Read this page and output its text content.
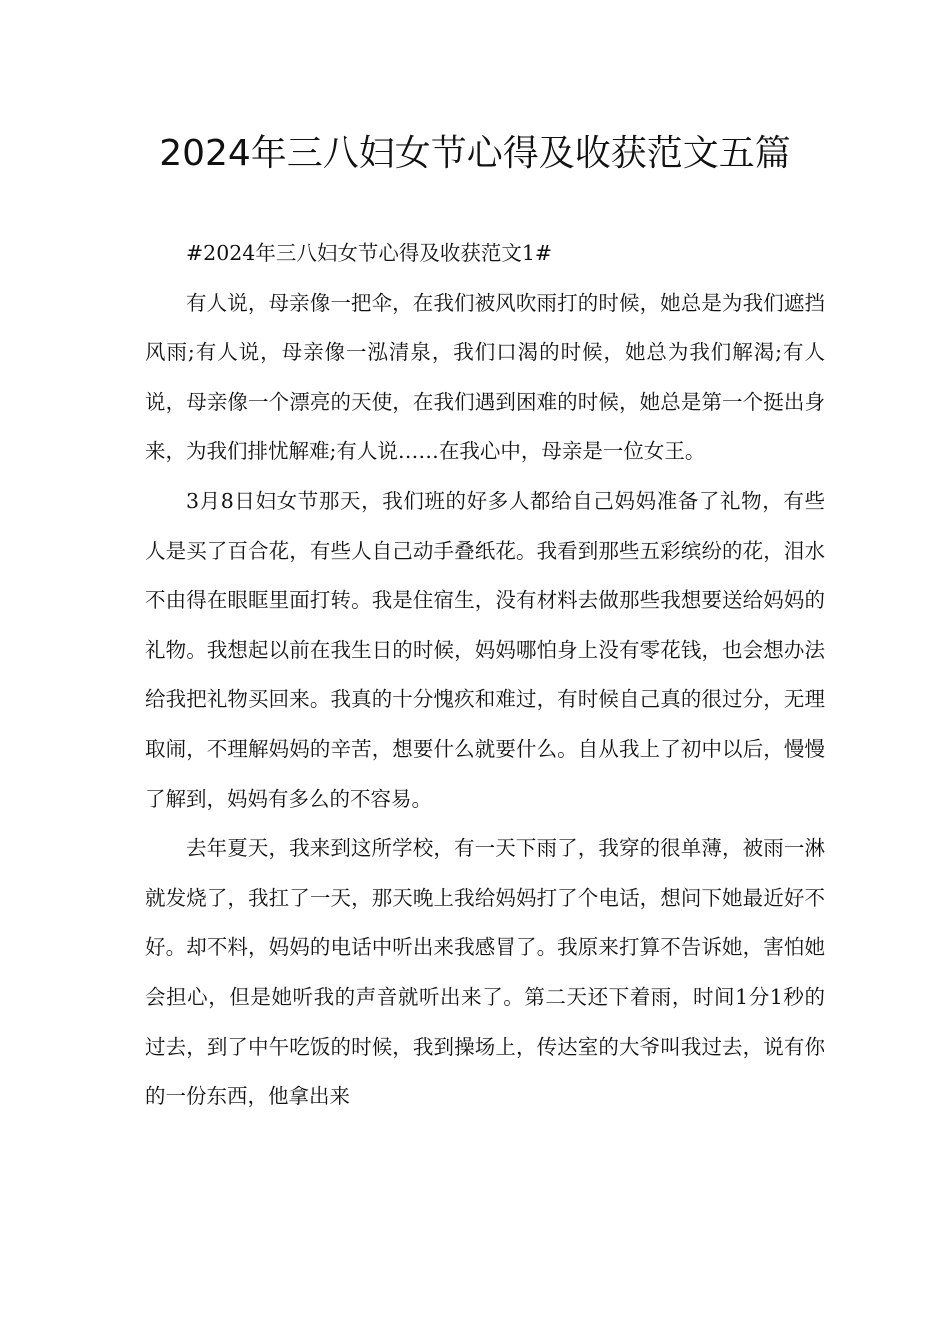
2024年三八妇女节心得及收获范文五篇

#2024年三八妇女节心得及收获范文1#

有人说，母亲像一把伞，在我们被风吹雨打的时候，她总是为我们遮挡风雨;有人说，母亲像一泓清泉，我们口渴的时候，她总为我们解渴;有人说，母亲像一个漂亮的天使，在我们遇到困难的时候，她总是第一个挺出身来，为我们排忧解难;有人说……在我心中，母亲是一位女王。

3月8日妇女节那天，我们班的好多人都给自己妈妈准备了礼物，有些人是买了百合花，有些人自己动手叠纸花。我看到那些五彩缤纷的花，泪水不由得在眼眶里面打转。我是住宿生，没有材料去做那些我想要送给妈妈的礼物。我想起以前在我生日的时候，妈妈哪怕身上没有零花钱，也会想办法给我把礼物买回来。我真的十分愧疚和难过，有时候自己真的很过分，无理取闹，不理解妈妈的辛苦，想要什么就要什么。自从我上了初中以后，慢慢了解到，妈妈有多么的不容易。

去年夏天，我来到这所学校，有一天下雨了，我穿的很单薄，被雨一淋就发烧了，我扛了一天，那天晚上我给妈妈打了个电话，想问下她最近好不好。却不料，妈妈的电话中听出来我感冒了。我原来打算不告诉她，害怕她会担心，但是她听我的声音就听出来了。第二天还下着雨，时间1分1秒的过去，到了中午吃饭的时候，我到操场上，传达室的大爷叫我过去，说有你的一份东西，他拿出来
